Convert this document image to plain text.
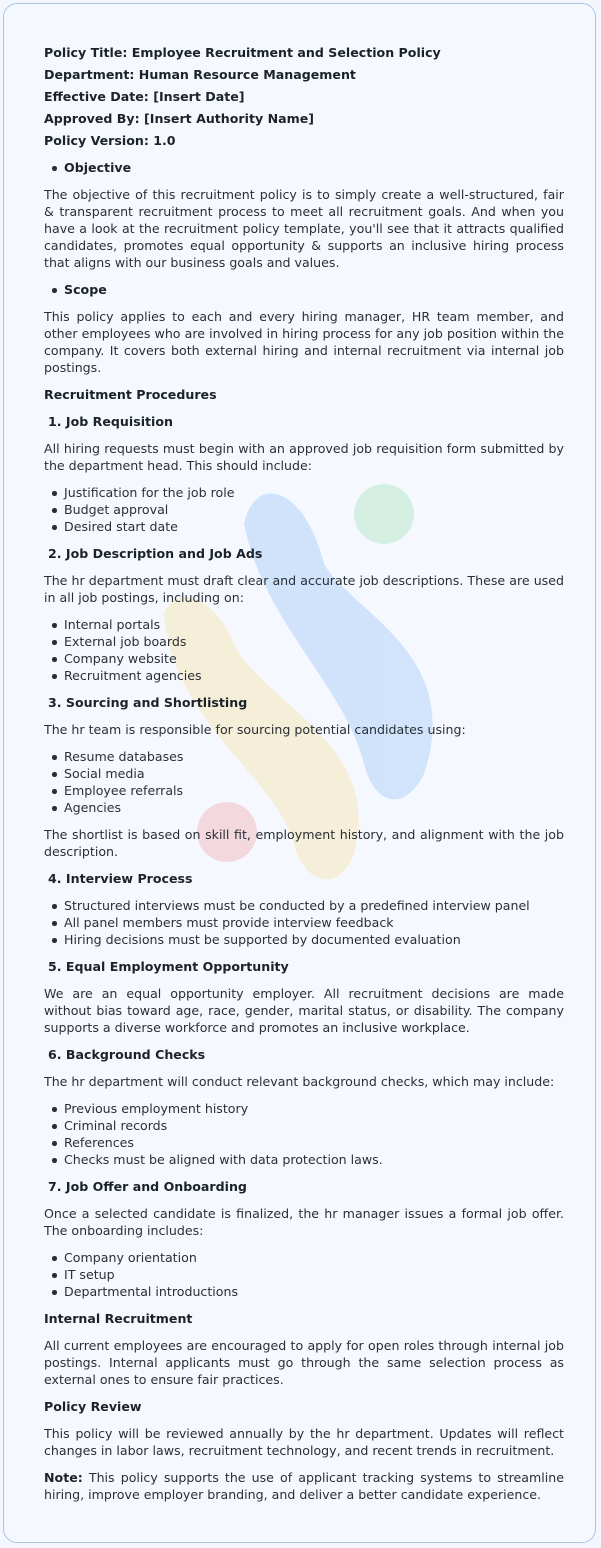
Policy Title: Employee Recruitment and Selection Policy
Department: Human Resource Management
Effective Date: [Insert Date]
Approved By: [Insert Authority Name]
Policy Version: 1.0
Objective

The objective of this recruitment policy is to simply create a well-structured, fair & transparent recruitment process to meet all recruitment goals. And when you have a look at the recruitment policy template, you'll see that it attracts qualified candidates, promotes equal opportunity & supports an inclusive hiring process that aligns with our business goals and values.

Scope

This policy applies to each and every hiring manager, HR team member, and other employees who are involved in hiring process for any job position within the company. It covers both external hiring and internal recruitment via internal job postings.

Recruitment Procedures
1. Job Requisition

All hiring requests must begin with an approved job requisition form submitted by the department head. This should include:

Justification for the job role
Budget approval
Desired start date
2. Job Description and Job Ads

The hr department must draft clear and accurate job descriptions. These are used in all job postings, including on:

Internal portals
External job boards
Company website
Recruitment agencies
3. Sourcing and Shortlisting

The hr team is responsible for sourcing potential candidates using:

Resume databases
Social media
Employee referrals
Agencies

The shortlist is based on skill fit, employment history, and alignment with the job description.

4. Interview Process
Structured interviews must be conducted by a predefined interview panel
All panel members must provide interview feedback
Hiring decisions must be supported by documented evaluation
5. Equal Employment Opportunity

We are an equal opportunity employer. All recruitment decisions are made without bias toward age, race, gender, marital status, or disability. The company supports a diverse workforce and promotes an inclusive workplace.

6. Background Checks

The hr department will conduct relevant background checks, which may include:

Previous employment history
Criminal records
References
Checks must be aligned with data protection laws.
7. Job Offer and Onboarding

Once a selected candidate is finalized, the hr manager issues a formal job offer. The onboarding includes:

Company orientation
IT setup
Departmental introductions
Internal Recruitment

All current employees are encouraged to apply for open roles through internal job postings. Internal applicants must go through the same selection process as external ones to ensure fair practices.

Policy Review

This policy will be reviewed annually by the hr department. Updates will reflect changes in labor laws, recruitment technology, and recent trends in recruitment.

Note: This policy supports the use of applicant tracking systems to streamline hiring, improve employer branding, and deliver a better candidate experience.
